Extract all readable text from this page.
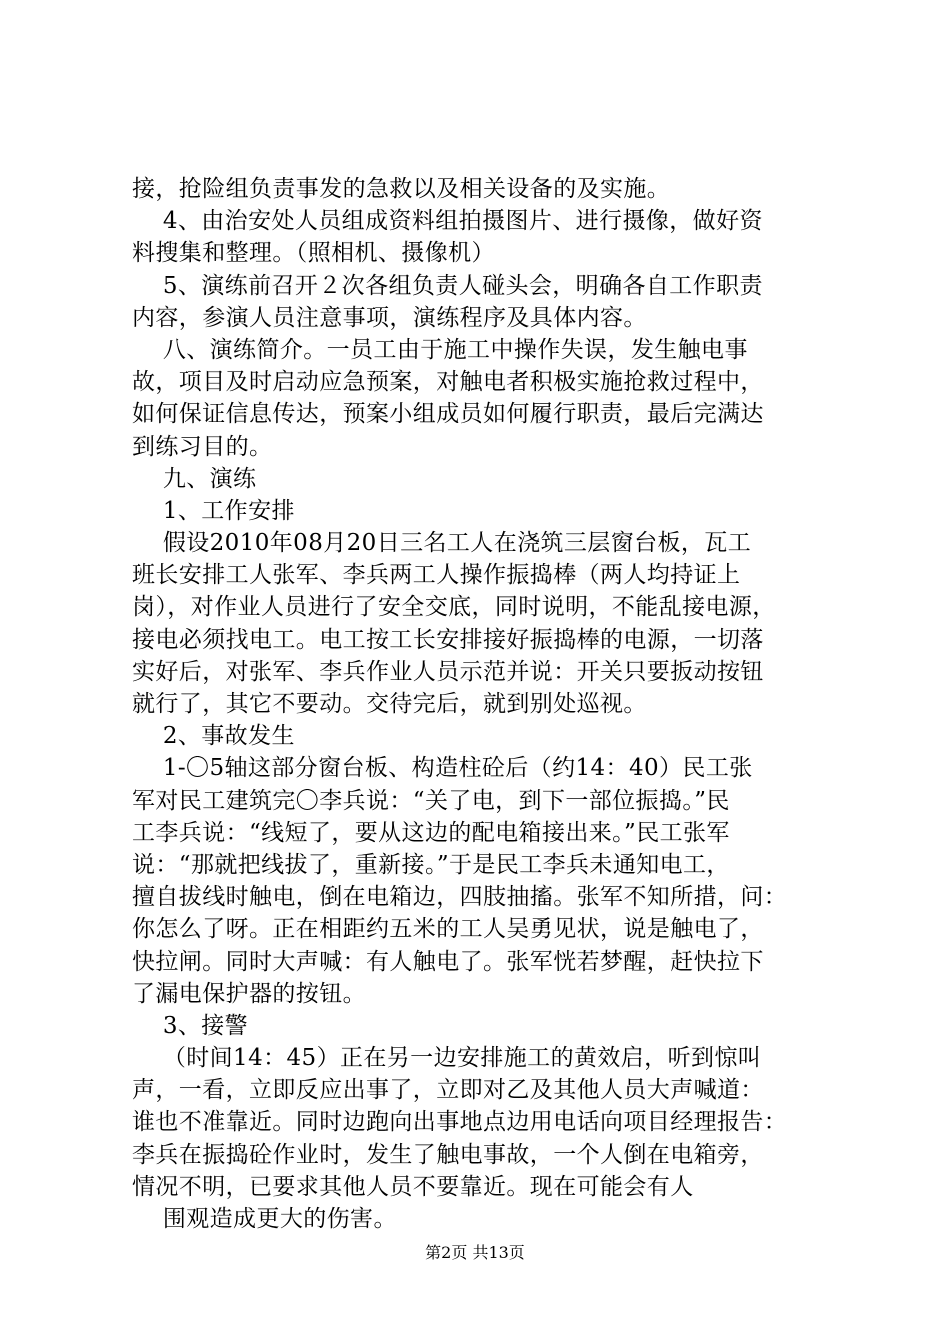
接，抢险组负责事发的急救以及相关设备的及实施。
4、由治安处人员组成资料组拍摄图片、进行摄像，做好资
料搜集和整理。（照相机、摄像机）
5、演练前召开２次各组负责人碰头会，明确各自工作职责
内容，参演人员注意事项，演练程序及具体内容。
八、演练简介。一员工由于施工中操作失误，发生触电事
故，项目及时启动应急预案，对触电者积极实施抢救过程中，
如何保证信息传达，预案小组成员如何履行职责，最后完满达
到练习目的。
九、演练
1、工作安排
假设2010年08月20日三名工人在浇筑三层窗台板，瓦工
班长安排工人张军、李兵两工人操作振捣棒（两人均持证上
岗），对作业人员进行了安全交底，同时说明，不能乱接电源，
接电必须找电工。电工按工长安排接好振捣棒的电源，一切落
实好后，对张军、李兵作业人员示范并说：开关只要扳动按钮
就行了，其它不要动。交待完后，就到别处巡视。
2、事故发生
1-〇5轴这部分窗台板、构造柱砼后（约14：40）民工张
军对民工建筑完〇李兵说：“关了电，到下一部位振捣。”民
工李兵说：“线短了，要从这边的配电箱接出来。”民工张军
说：“那就把线拔了，重新接。”于是民工李兵未通知电工，
擅自拔线时触电，倒在电箱边，四肢抽搐。张军不知所措，问：
你怎么了呀。正在相距约五米的工人吴勇见状，说是触电了，
快拉闸。同时大声喊：有人触电了。张军恍若梦醒，赶快拉下
了漏电保护器的按钮。
3、接警
（时间14：45）正在另一边安排施工的黄效启，听到惊叫
声，一看，立即反应出事了，立即对乙及其他人员大声喊道：
谁也不准靠近。同时边跑向出事地点边用电话向项目经理报告：
李兵在振捣砼作业时，发生了触电事故，一个人倒在电箱旁，
情况不明，已要求其他人员不要靠近。现在可能会有人
围观造成更大的伤害。
第2页 共13页
